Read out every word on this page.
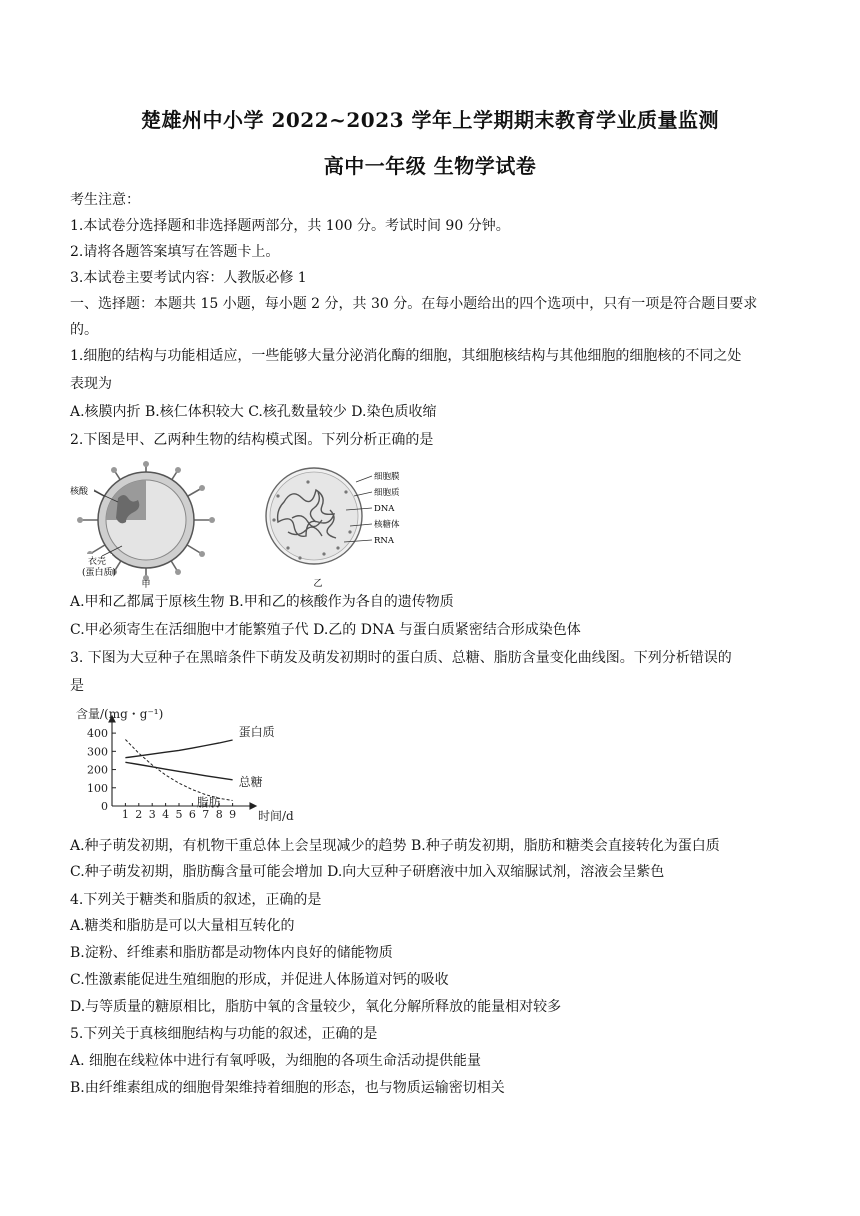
楚雄州中小学 2022~2023 学年上学期期末教育学业质量监测
高中一年级 生物学试卷
考生注意：
1.本试卷分选择题和非选择题两部分，共 100 分。考试时间 90 分钟。
2.请将各题答案填写在答题卡上。
3.本试卷主要考试内容：人教版必修 1
一、选择题：本题共 15 小题，每小题 2 分，共 30 分。在每小题给出的四个选项中，只有一项是符合题目要求
的。
1.细胞的结构与功能相适应，一些能够大量分泌消化酶的细胞，其细胞核结构与其他细胞的细胞核的不同之处
表现为
A.核膜内折 B.核仁体积较大 C.核孔数量较少 D.染色质收缩
2.下图是甲、乙两种生物的结构模式图。下列分析正确的是
核酸
衣壳
(蛋白质)
甲
细胞膜
细胞质
DNA
核糖体
RNA
乙
A.甲和乙都属于原核生物 B.甲和乙的核酸作为各自的遗传物质
C.甲必须寄生在活细胞中才能繁殖子代 D.乙的 DNA 与蛋白质紧密结合形成染色体
3. 下图为大豆种子在黑暗条件下萌发及萌发初期时的蛋白质、总糖、脂肪含量变化曲线图。下列分析错误的
是
0
100
200
300
400
1 2 3 4 5 6 7 8 9
蛋白质
总糖
脂肪
含量/(mg・g⁻¹)
时间/d
A.种子萌发初期，有机物干重总体上会呈现减少的趋势 B.种子萌发初期，脂肪和糖类会直接转化为蛋白质
C.种子萌发初期，脂肪酶含量可能会增加 D.向大豆种子研磨液中加入双缩脲试剂，溶液会呈紫色
4.下列关于糖类和脂质的叙述，正确的是
A.糖类和脂肪是可以大量相互转化的
B.淀粉、纤维素和脂肪都是动物体内良好的储能物质
C.性激素能促进生殖细胞的形成，并促进人体肠道对钙的吸收
D.与等质量的糖原相比，脂肪中氧的含量较少，氧化分解所释放的能量相对较多
5.下列关于真核细胞结构与功能的叙述，正确的是
A. 细胞在线粒体中进行有氧呼吸，为细胞的各项生命活动提供能量
B.由纤维素组成的细胞骨架维持着细胞的形态，也与物质运输密切相关
